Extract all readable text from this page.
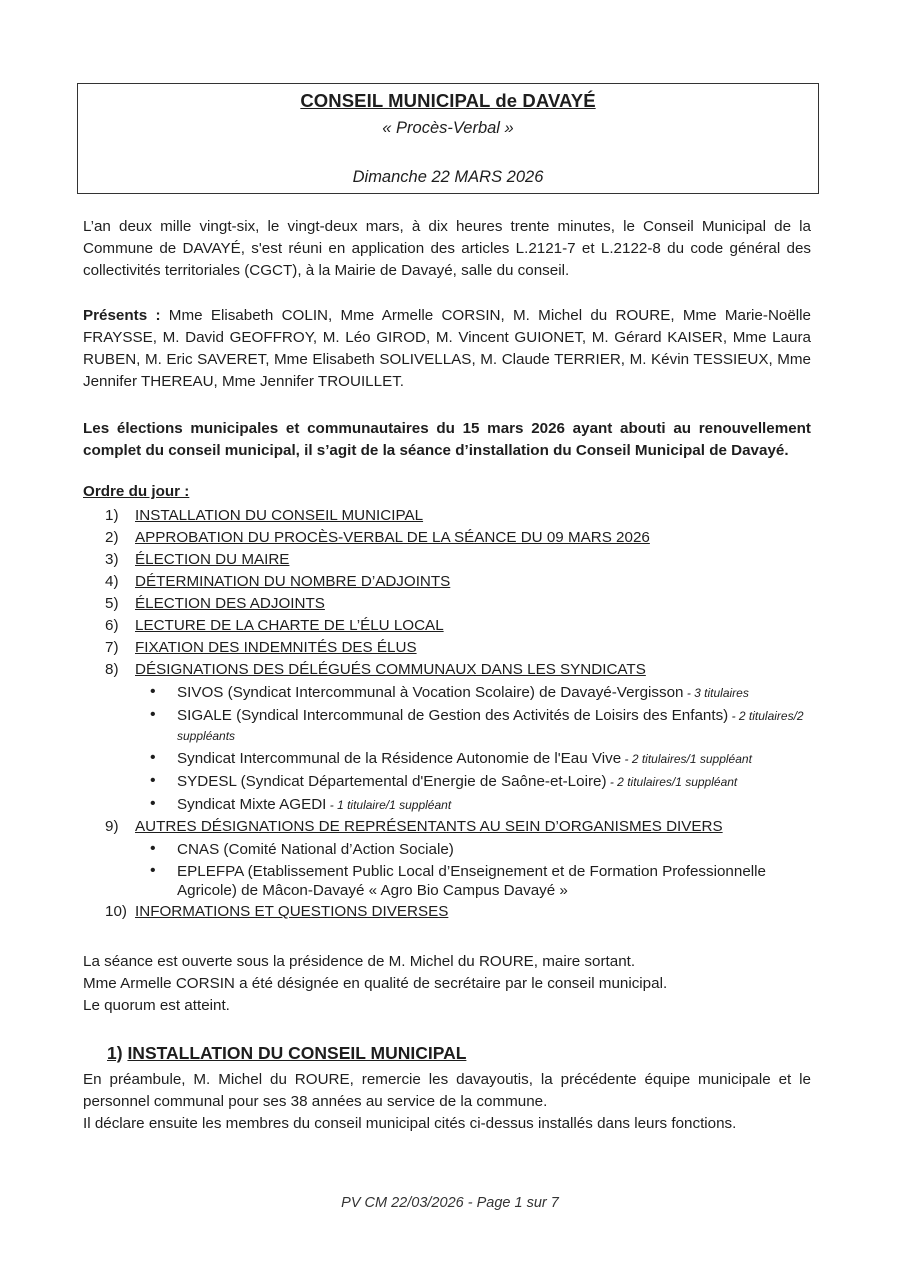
CONSEIL MUNICIPAL de DAVAYÉ
« Procès-Verbal »
Dimanche 22 MARS 2026

L’an deux mille vingt-six, le vingt-deux mars, à dix heures trente minutes, le Conseil Municipal de la Commune de DAVAYÉ, s'est réuni en application des articles L.2121-7 et L.2122-8 du code général des collectivités territoriales (CGCT), à la Mairie de Davayé, salle du conseil.

Présents : Mme Elisabeth COLIN, Mme Armelle CORSIN, M. Michel du ROURE, Mme Marie-Noëlle FRAYSSE, M. David GEOFFROY, M. Léo GIROD, M. Vincent GUIONET, M. Gérard KAISER, Mme Laura RUBEN, M. Eric SAVERET, Mme Elisabeth SOLIVELLAS, M. Claude TERRIER, M. Kévin TESSIEUX, Mme Jennifer THEREAU, Mme Jennifer TROUILLET.

Les élections municipales et communautaires du 15 mars 2026 ayant abouti au renouvellement complet du conseil municipal, il s’agit de la séance d’installation du Conseil Municipal de Davayé.

Ordre du jour :

1) INSTALLATION DU CONSEIL MUNICIPAL
2) APPROBATION DU PROCÈS-VERBAL DE LA SÉANCE DU 09 MARS 2026
3) ÉLECTION DU MAIRE
4) DÉTERMINATION DU NOMBRE D’ADJOINTS
5) ÉLECTION DES ADJOINTS
6) LECTURE DE LA CHARTE DE L’ÉLU LOCAL
7) FIXATION DES INDEMNITÉS DES ÉLUS
8) DÉSIGNATIONS DES DÉLÉGUÉS COMMUNAUX DANS LES SYNDICATS
• SIVOS (Syndicat Intercommunal à Vocation Scolaire) de Davayé-Vergisson - 3 titulaires
• SIGALE (Syndical Intercommunal de Gestion des Activités de Loisirs des Enfants) - 2 titulaires/2 suppléants
• Syndicat Intercommunal de la Résidence Autonomie de l'Eau Vive - 2 titulaires/1 suppléant
• SYDESL (Syndicat Départemental d'Energie de Saône-et-Loire) - 2 titulaires/1 suppléant
• Syndicat Mixte AGEDI - 1 titulaire/1 suppléant
9) AUTRES DÉSIGNATIONS DE REPRÉSENTANTS AU SEIN D’ORGANISMES DIVERS
• CNAS (Comité National d’Action Sociale)
• EPLEFPA (Etablissement Public Local d’Enseignement et de Formation Professionnelle Agricole) de Mâcon-Davayé « Agro Bio Campus Davayé »
10) INFORMATIONS ET QUESTIONS DIVERSES
La séance est ouverte sous la présidence de M. Michel du ROURE, maire sortant.
Mme Armelle CORSIN a été désignée en qualité de secrétaire par le conseil municipal.
Le quorum est atteint.

1) INSTALLATION DU CONSEIL MUNICIPAL

En préambule, M. Michel du ROURE, remercie les davayoutis, la précédente équipe municipale et le personnel communal pour ses 38 années au service de la commune.
Il déclare ensuite les membres du conseil municipal cités ci-dessus installés dans leurs fonctions.
PV CM 22/03/2026 - Page 1 sur 7
